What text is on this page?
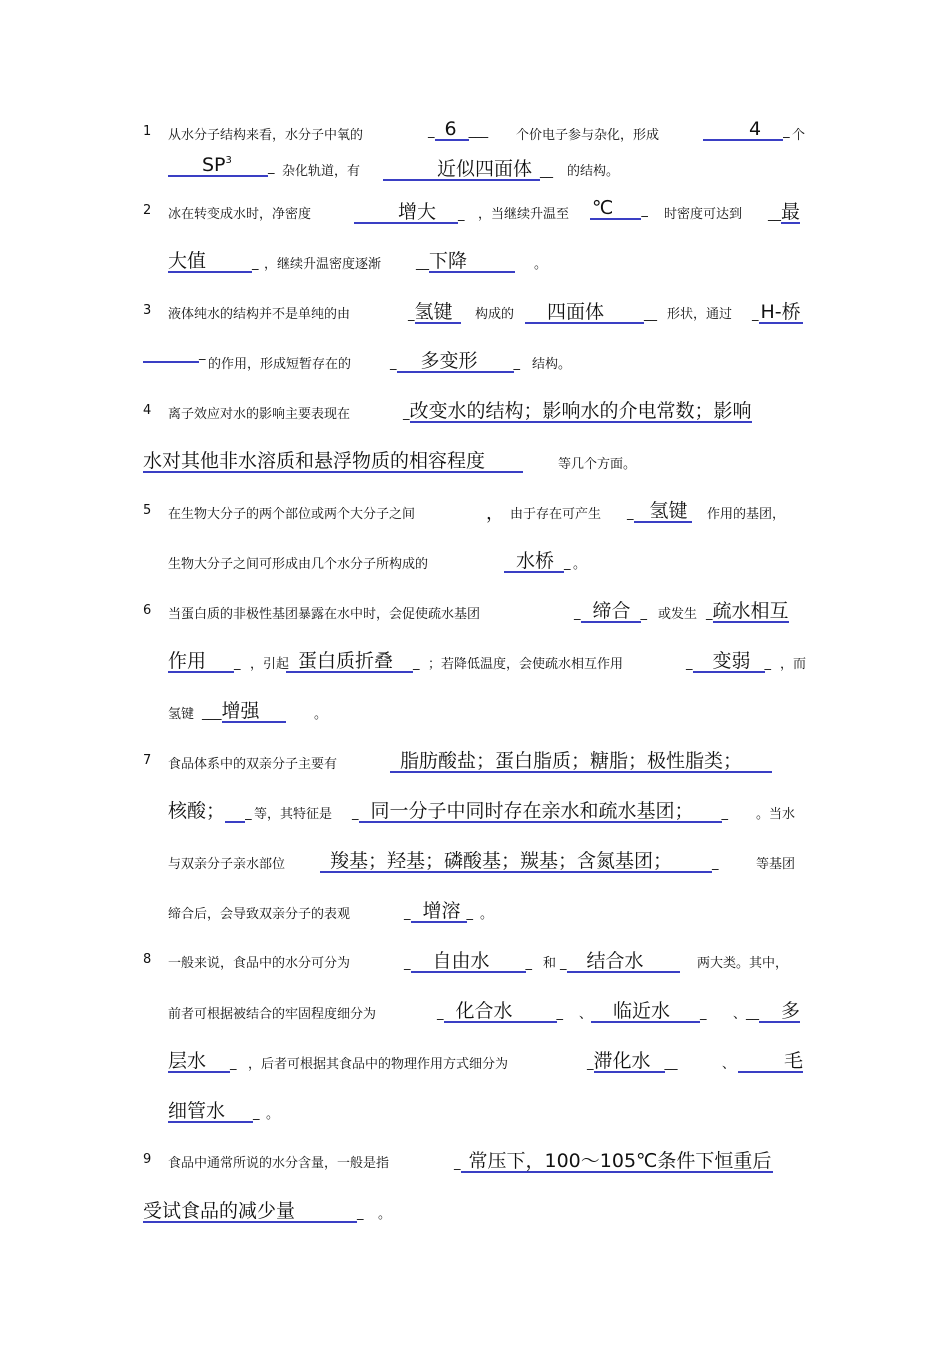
1 从水分子结构来看，水分子中氧的	_ 6 ___ 个价电子参与杂化，形成	4 _ 个
$SP^3$	_ 杂化轨道，有	近似四面体 __ 的结构。
2 冰在转变成水时，净密度	增大 _ ，当继续升温至 ℃ _ 时密度可达到 __最
大值	_ ，继续升温密度逐渐	__下降	。
3 液体纯水的结构并不是单纯的由	_氢键	构成的	四面体	__ 形状，通过 _ H-桥
_
的作用，形成短暂存在的	_ 多变形	_ 结构。
4 离子效应对水的影响主要表现在	_改变水的结构；影响水的介电常数；影响
水对其他非水溶质和悬浮物质的相容程度	等几个方面。
5 在生物大分子的两个部位或两个大分子之间	， 由于存在可产生 _ 氢键	作用的基团，
生物大分子之间可形成由几个水分子所构成的	水桥 _ 。
6 当蛋白质的非极性基团暴露在水中时，会促使疏水基团	_ 缔合 _ 或发生 _疏水相互
作用 _ ，引起 蛋白质折叠 _ ；若降低温度，会使疏水相互作用	_ 变弱 _ ，而
氢键 ___增强	。
7 食品体系中的双亲分子主要有	脂肪酸盐；蛋白脂质；糖脂；极性脂类；
核酸； _ 等，其特征是 _ 同一分子中同时存在亲水和疏水基团； _ 。当水
与双亲分子亲水部位	羧基；羟基；磷酸基；羰基；含氮基团；	_	等基团
缔合后，会导致双亲分子的表观	_ 增溶 _ 。
8 一般来说，食品中的水分可分为	_ 自由水	_ 和 _ 结合水	两大类。其中，
前者可根据被结合的牢固程度细分为	_ 化合水	_ 、	临近水 _ 、 __ 多
层水 _ ，后者可根据其食品中的物理作用方式细分为	_滞化水 __	、	毛
细管水 _ 。
9 食品中通常所说的水分含量，一般是指	_ 常压下，100～105℃条件下恒重后
受试食品的减少量	_ 。
